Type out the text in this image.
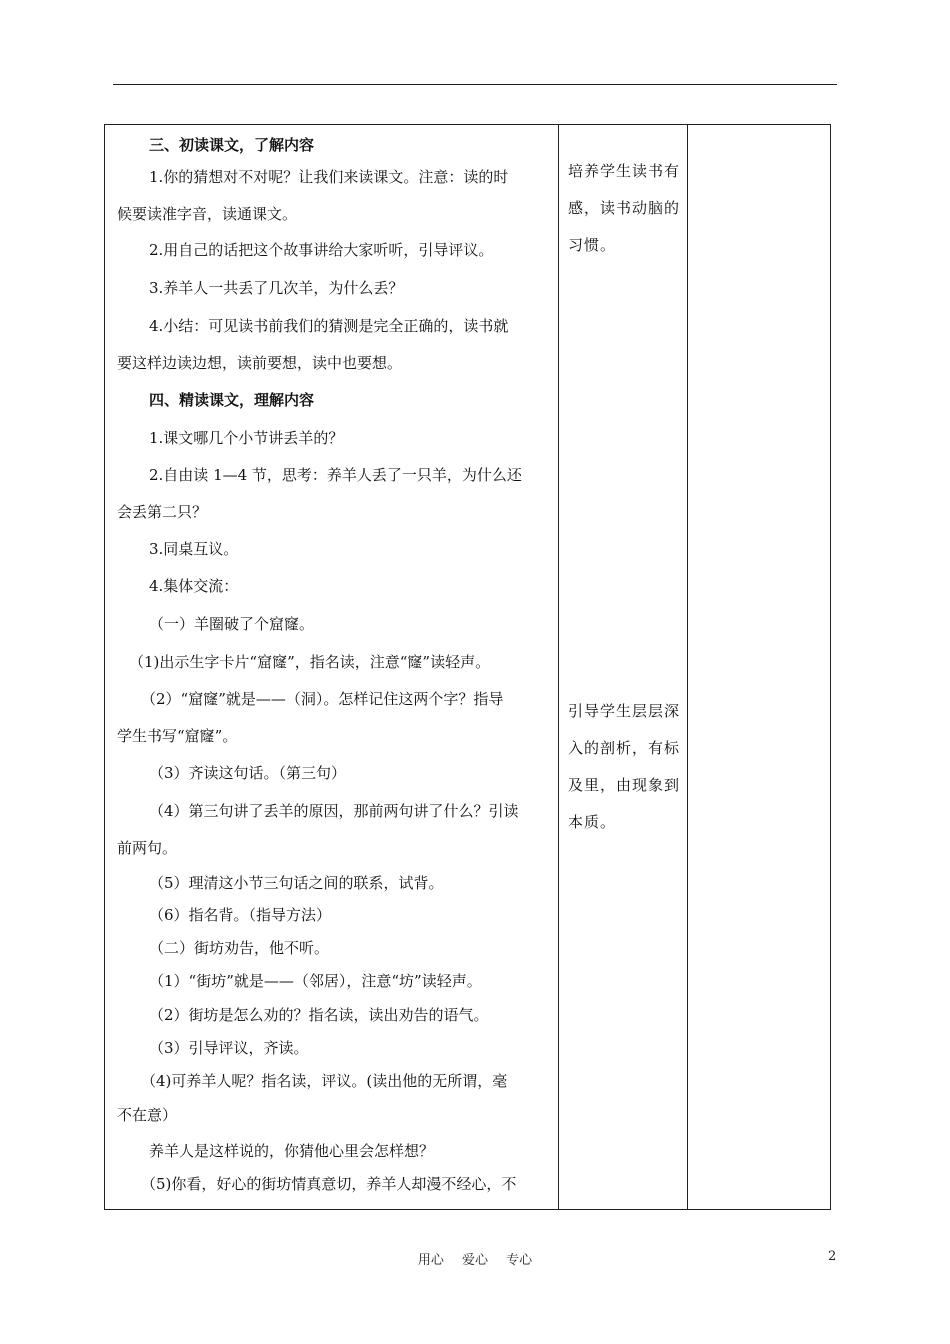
三、初读课文，了解内容
1.你的猜想对不对呢？让我们来读课文。注意：读的时
候要读准字音，读通课文。
2.用自己的话把这个故事讲给大家听听，引导评议。
3.养羊人一共丢了几次羊，为什么丢？
4.小结：可见读书前我们的猜测是完全正确的，读书就
要这样边读边想，读前要想，读中也要想。
四、精读课文，理解内容
1.课文哪几个小节讲丢羊的？
2.自由读 1—4 节，思考：养羊人丢了一只羊，为什么还
会丢第二只？
3.同桌互议。
4.集体交流：
（一）羊圈破了个窟窿。
（1)出示生字卡片“窟窿”，指名读，注意“窿”读轻声。
（2）“窟窿”就是——（洞）。怎样记住这两个字？指导
学生书写“窟窿”。
（3）齐读这句话。（第三句）
（4）第三句讲了丢羊的原因，那前两句讲了什么？引读
前两句。
（5）理清这小节三句话之间的联系，试背。
（6）指名背。（指导方法）
（二）街坊劝告，他不听。
（1）“街坊”就是——（邻居），注意“坊”读轻声。
（2）街坊是怎么劝的？指名读，读出劝告的语气。
（3）引导评议，齐读。
（4)可养羊人呢？指名读，评议。(读出他的无所谓，毫
不在意）
养羊人是这样说的，你猜他心里会怎样想？
（5)你看，好心的街坊情真意切，养羊人却漫不经心，不
培养学生读书有感，读书动脑的习惯。
引导学生层层深入的剖析，有标及里，由现象到本质。
用心 爱心 专心	2
